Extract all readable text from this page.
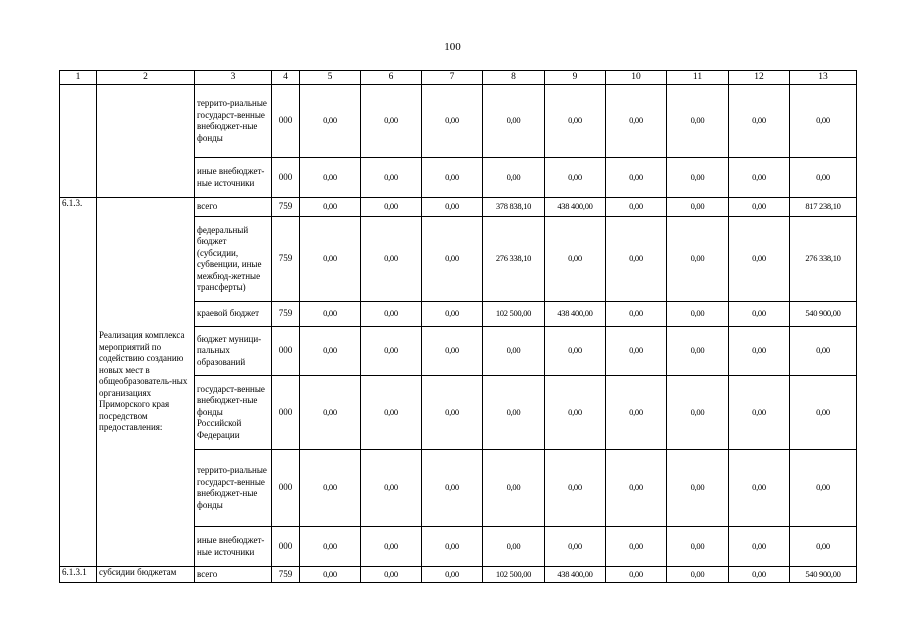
100
1	2	3	4	5	6	7	8	9	10	11	12	13
		террито-риальные государст-венные внебюджет-ные фонды	000	0,00	0,00	0,00	0,00	0,00	0,00	0,00	0,00	0,00
		иные внебюджет-ные источники	000	0,00	0,00	0,00	0,00	0,00	0,00	0,00	0,00	0,00
6.1.3.	Реализация комплекса мероприятий по содействию созданию новых мест в общеобразователь-ных организациях Приморского края посредством предоставления:	всего	759	0,00	0,00	0,00	378 838,10	438 400,00	0,00	0,00	0,00	817 238,10
		федеральный бюджет (субсидии, субвенции, иные межбюд-жетные трансферты)	759	0,00	0,00	0,00	276 338,10	0,00	0,00	0,00	0,00	276 338,10
		краевой бюджет	759	0,00	0,00	0,00	102 500,00	438 400,00	0,00	0,00	0,00	540 900,00
		бюджет муници-пальных образований	000	0,00	0,00	0,00	0,00	0,00	0,00	0,00	0,00	0,00
		государст-венные внебюджет-ные фонды Российской Федерации	000	0,00	0,00	0,00	0,00	0,00	0,00	0,00	0,00	0,00
		террито-риальные государст-венные внебюджет-ные фонды	000	0,00	0,00	0,00	0,00	0,00	0,00	0,00	0,00	0,00
		иные внебюджет-ные источники	000	0,00	0,00	0,00	0,00	0,00	0,00	0,00	0,00	0,00
6.1.3.1	субсидии бюджетам	всего	759	0,00	0,00	0,00	102 500,00	438 400,00	0,00	0,00	0,00	540 900,00
